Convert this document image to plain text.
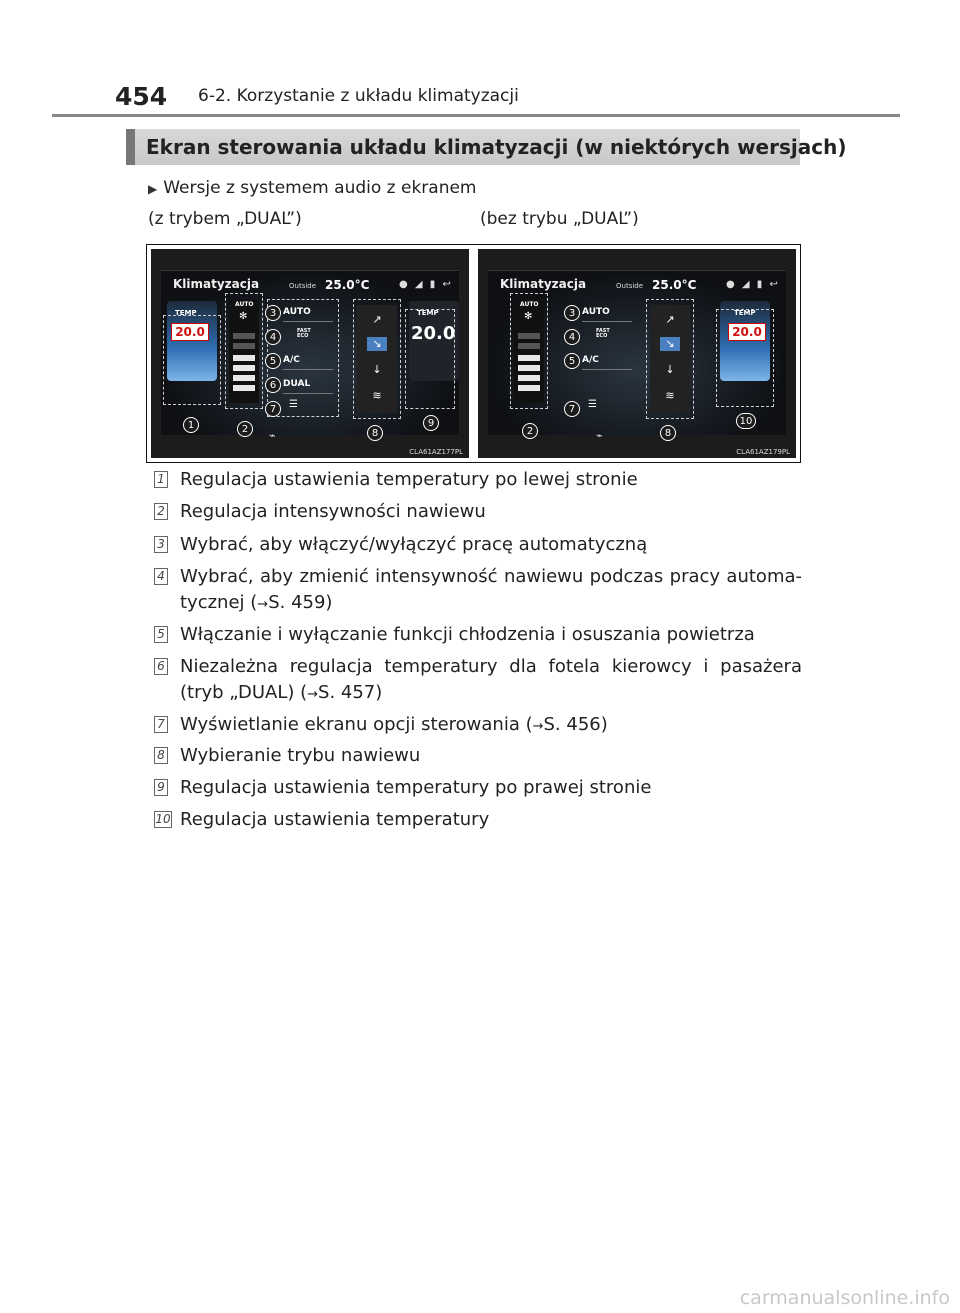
454 6-2. Korzystanie z układu klimatyzacji
Ekran sterowania układu klimatyzacji (w niektórych wersjach)
▶ Wersje z systemem audio z ekranem
(z trybem „DUAL”)	(bez trybu „DUAL”)
Klimatyzacja	Outside 25.0°C	● ◢ ▮ ↩
TEMP
20.0
AUTO
✻	AUTO
FAST
ECO
A/C
DUAL
☰
↗
↘
↓
≋
TEMP
20.0
⌁
1	2
3
4
5
6
7
8
9
CLA61AZ177PL
Klimatyzacja	Outside 25.0°C	● ◢ ▮ ↩
AUTO
✻	AUTO
FAST
ECO
A/C
☰
↗
↘
↓
≋
TEMP
20.0
⌁
2
3
4
5
7
8
10
CLA61AZ179PL
1 Regulacja ustawienia temperatury po lewej stronie
2 Regulacja intensywności nawiewu
3 Wybrać, aby włączyć/wyłączyć pracę automatyczną
4 Wybrać, aby zmienić intensywność nawiewu podczas pracy automa-tycznej (→S. 459)
5 Włączanie i wyłączanie funkcji chłodzenia i osuszania powietrza
6 Niezależna regulacja temperatury dla fotela kierowcy i pasażera (tryb „DUAL) (→S. 457)
7 Wyświetlanie ekranu opcji sterowania (→S. 456)
8 Wybieranie trybu nawiewu
9 Regulacja ustawienia temperatury po prawej stronie
10 Regulacja ustawienia temperatury
carmanualsonline.info
